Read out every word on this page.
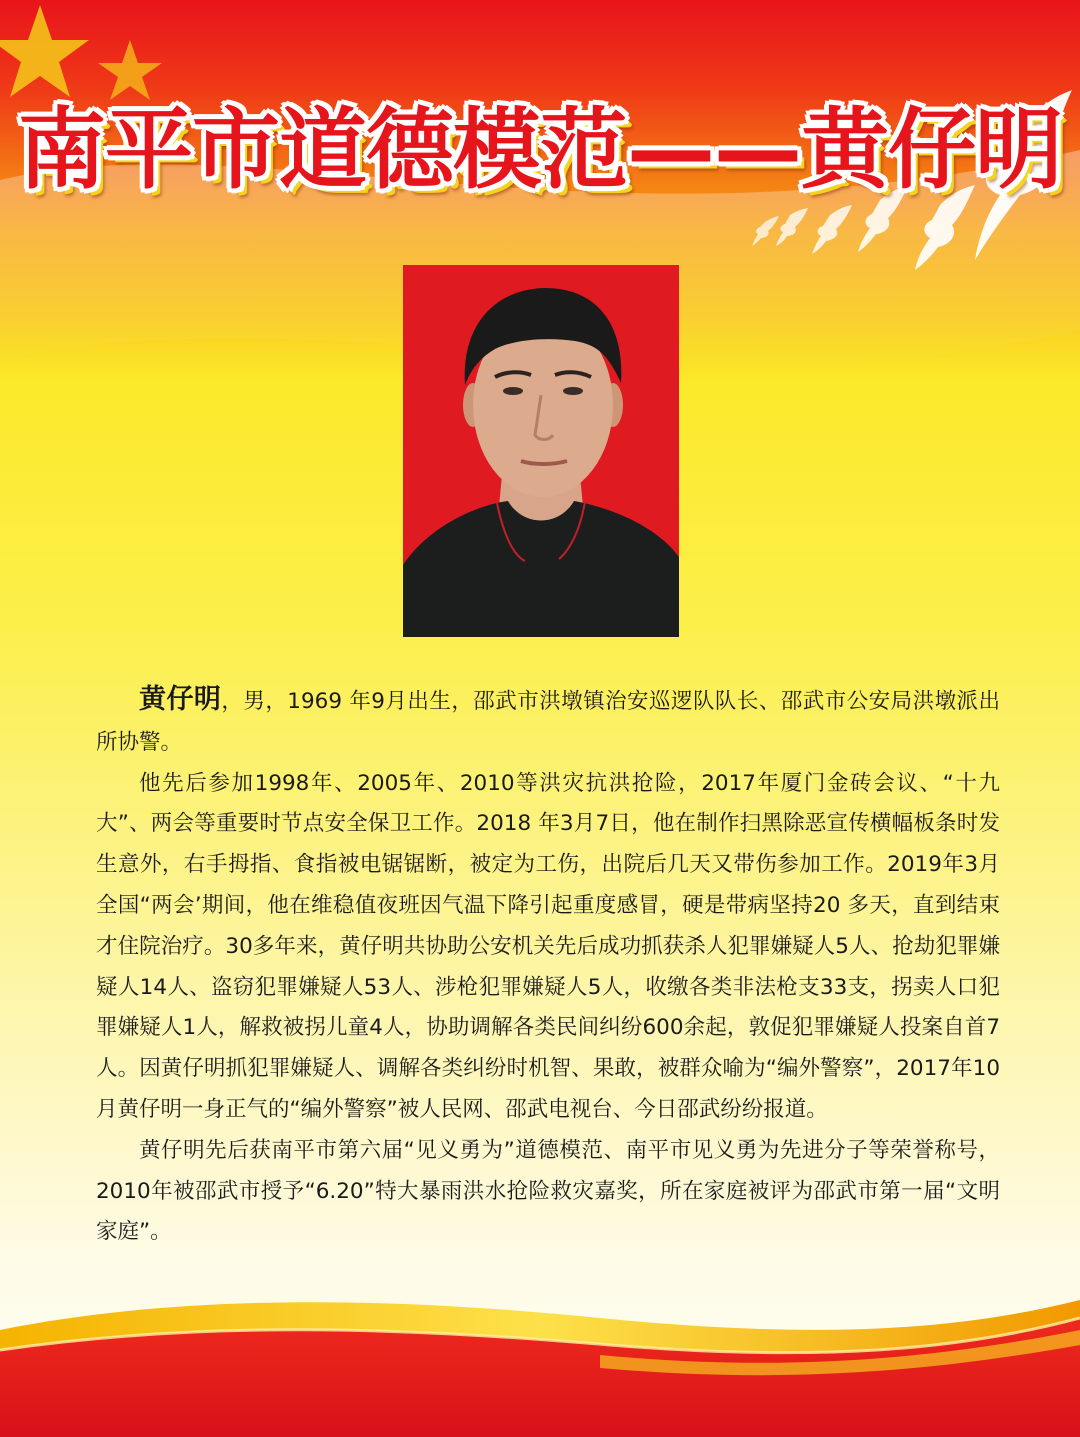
南平市道德模范——黄仔明

黄仔明，男，1969 年9月出生，邵武市洪墩镇治安巡逻队队长、邵武市公安局洪墩派出所协警。

他先后参加1998年、2005年、2010等洪灾抗洪抢险，2017年厦门金砖会议、“十九大”、两会等重要时节点安全保卫工作。2018 年3月7日，他在制作扫黑除恶宣传横幅板条时发生意外，右手拇指、食指被电锯锯断，被定为工伤，出院后几天又带伤参加工作。2019年3月全国“两会’期间，他在维稳值夜班因气温下降引起重度感冒，硬是带病坚持20 多天，直到结束才住院治疗。30多年来，黄仔明共协助公安机关先后成功抓获杀人犯罪嫌疑人5人、抢劫犯罪嫌疑人14人、盗窃犯罪嫌疑人53人、涉枪犯罪嫌疑人5人，收缴各类非法枪支33支，拐卖人口犯罪嫌疑人1人，解救被拐儿童4人，协助调解各类民间纠纷600余起，敦促犯罪嫌疑人投案自首7人。因黄仔明抓犯罪嫌疑人、调解各类纠纷时机智、果敢，被群众喻为“编外警察”，2017年10月黄仔明一身正气的“编外警察”被人民网、邵武电视台、今日邵武纷纷报道。

黄仔明先后获南平市第六届“见义勇为”道德模范、南平市见义勇为先进分子等荣誉称号，2010年被邵武市授予“6.20”特大暴雨洪水抢险救灾嘉奖，所在家庭被评为邵武市第一届“文明家庭”。
